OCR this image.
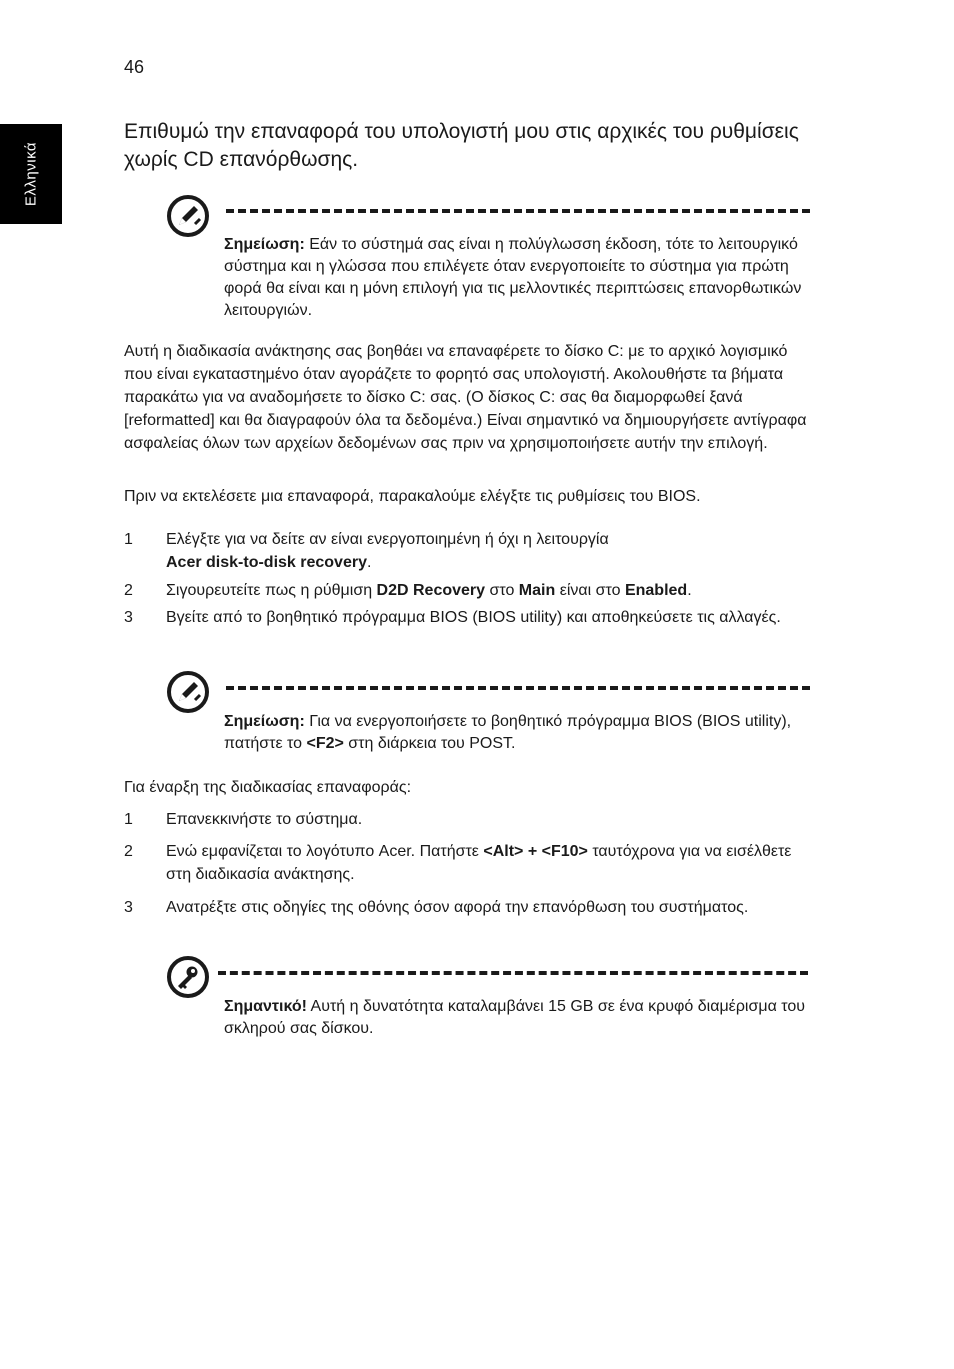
46
Ελληνικά
Επιθυμώ την επαναφορά του υπολογιστή μου στις αρχικές του ρυθμίσεις χωρίς CD επανόρθωσης.
Σημείωση: Εάν το σύστημά σας είναι η πολύγλωσση έκδοση, τότε το λειτουργικό σύστημα και η γλώσσα που επιλέγετε όταν ενεργοποιείτε το σύστημα για πρώτη φορά θα είναι και η μόνη επιλογή για τις μελλοντικές περιπτώσεις επανορθωτικών λειτουργιών.
Αυτή η διαδικασία ανάκτησης σας βοηθάει να επαναφέρετε το δίσκο C: με το αρχικό λογισμικό που είναι εγκαταστημένο όταν αγοράζετε το φορητό σας υπολογιστή. Ακολουθήστε τα βήματα παρακάτω για να αναδομήσετε το δίσκο C: σας. (Ο δίσκος C: σας θα διαμορφωθεί ξανά [reformatted] και θα διαγραφούν όλα τα δεδομένα.) Είναι σημαντικό να δημιουργήσετε αντίγραφα ασφαλείας όλων των αρχείων δεδομένων σας πριν να χρησιμοποιήσετε αυτήν την επιλογή.
Πριν να εκτελέσετε μια επαναφορά, παρακαλούμε ελέγξτε τις ρυθμίσεις του BIOS.
1 Ελέγξτε για να δείτε αν είναι ενεργοποιημένη ή όχι η λειτουργία
Acer disk-to-disk recovery.
2 Σιγουρευτείτε πως η ρύθμιση D2D Recovery στο Main είναι στο Enabled.
3 Βγείτε από το βοηθητικό πρόγραμμα BIOS (BIOS utility) και αποθηκεύσετε τις αλλαγές.
Σημείωση: Για να ενεργοποιήσετε το βοηθητικό πρόγραμμα BIOS (BIOS utility), πατήστε το <F2> στη διάρκεια του POST.
Για έναρξη της διαδικασίας επαναφοράς:
1 Επανεκκινήστε το σύστημα.
2 Ενώ εμφανίζεται το λογότυπο Acer. Πατήστε <Alt> + <F10> ταυτόχρονα για να εισέλθετε στη διαδικασία ανάκτησης.
3 Ανατρέξτε στις οδηγίες της οθόνης όσον αφορά την επανόρθωση του συστήματος.
Σημαντικό! Αυτή η δυνατότητα καταλαμβάνει 15 GB σε ένα κρυφό διαμέρισμα του σκληρού σας δίσκου.
